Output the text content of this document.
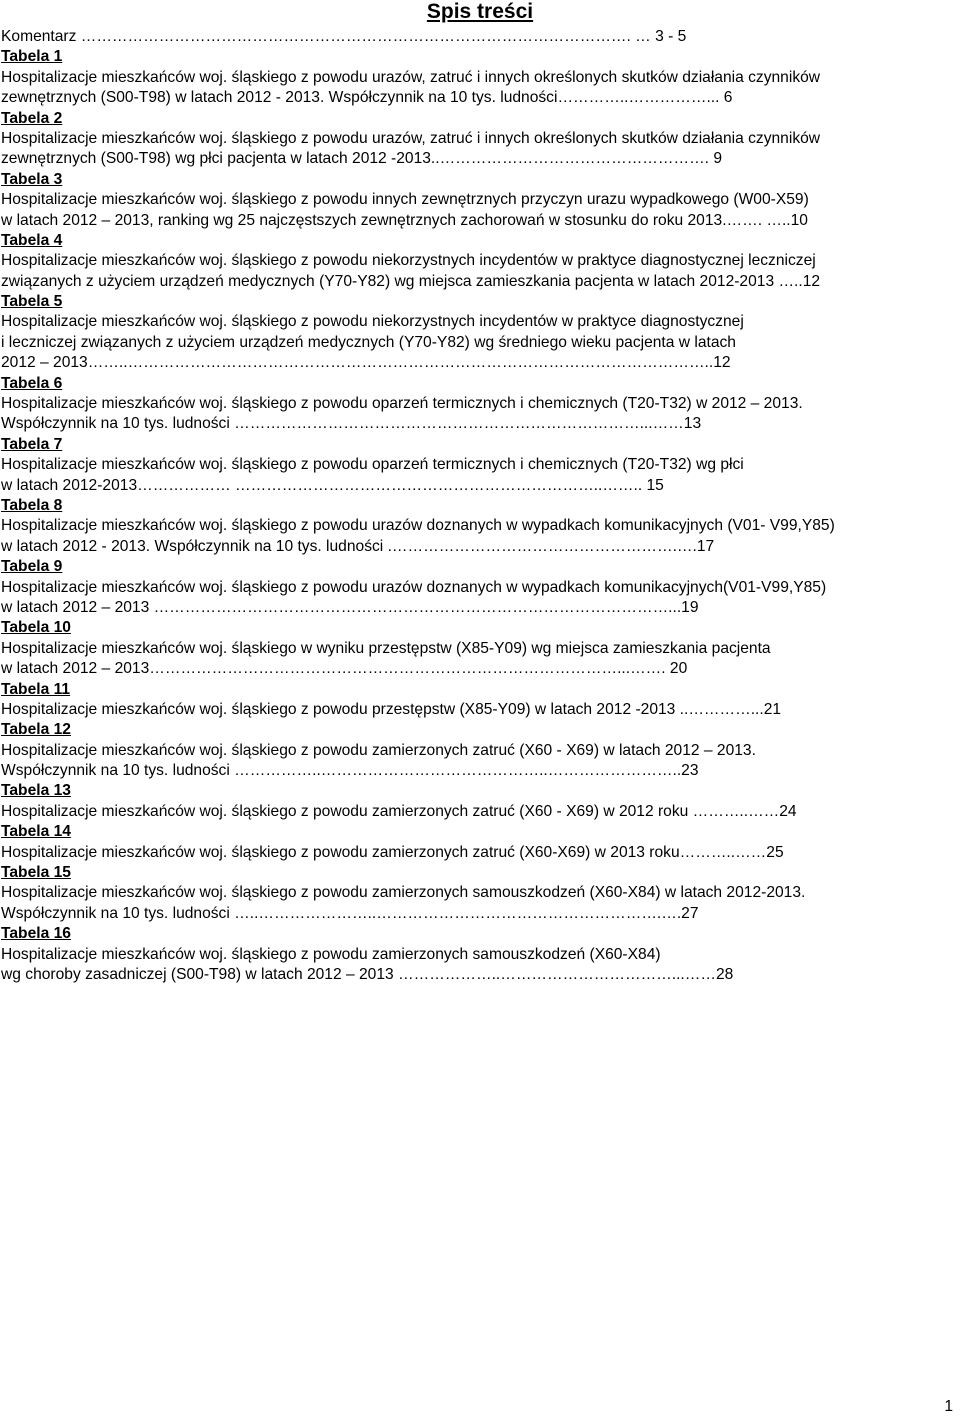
Spis treści
Komentarz ……………………………………………………………………………………………. … 3 - 5
Tabela 1
Hospitalizacje mieszkańców woj. śląskiego z powodu urazów, zatruć i innych określonych skutków działania czynników
zewnętrznych (S00-T98) w latach 2012 - 2013. Współczynnik na 10 tys. ludności…………..……………... 6
Tabela 2
Hospitalizacje mieszkańców woj. śląskiego z powodu urazów, zatruć i innych określonych skutków działania czynników
zewnętrznych (S00-T98) wg płci pacjenta w latach 2012 -2013..……………………………………………. 9
Tabela 3
Hospitalizacje mieszkańców woj. śląskiego z powodu innych zewnętrznych przyczyn urazu wypadkowego (W00-X59)
w latach 2012 – 2013, ranking wg 25 najczęstszych zewnętrznych zachorowań w stosunku do roku 2013.……. …..10
Tabela 4
Hospitalizacje mieszkańców woj. śląskiego z powodu niekorzystnych incydentów w praktyce diagnostycznej leczniczej
związanych z użyciem urządzeń medycznych (Y70-Y82) wg miejsca zamieszkania pacjenta w latach 2012-2013 …..12
Tabela 5
Hospitalizacje mieszkańców woj. śląskiego z powodu niekorzystnych incydentów w praktyce diagnostycznej
i leczniczej związanych z użyciem urządzeń medycznych (Y70-Y82) wg średniego wieku pacjenta w latach
2012 – 2013……..…………………………………………………………………………………………………..12
Tabela 6
Hospitalizacje mieszkańców woj. śląskiego z powodu oparzeń termicznych i chemicznych (T20-T32) w 2012 – 2013.
Współczynnik na 10 tys. ludności ……………………………………………………………………...……13
Tabela 7
Hospitalizacje mieszkańców woj. śląskiego z powodu oparzeń termicznych i chemicznych (T20-T32) wg płci
w latach 2012-2013……………… ……………………………………………………………..…….. 15
Tabela 8
Hospitalizacje mieszkańców woj. śląskiego z powodu urazów doznanych w wypadkach komunikacyjnych (V01- V99,Y85)
w latach 2012 - 2013. Współczynnik na 10 tys. ludności .……………………………………………….….17
Tabela 9
Hospitalizacje mieszkańców woj. śląskiego z powodu urazów doznanych w wypadkach komunikacyjnych(V01-V99,Y85)
w latach 2012 – 2013 ………………………………………………………………………………………...19
Tabela 10
Hospitalizacje mieszkańców woj. śląskiego w wyniku przestępstw (X85-Y09) wg miejsca zamieszkania pacjenta
w latach 2012 – 2013………………………………………………………………………………...……. 20
Tabela 11
Hospitalizacje mieszkańców woj. śląskiego z powodu przestępstw (X85-Y09) w latach 2012 -2013 ..…………...21
Tabela 12
Hospitalizacje mieszkańców woj. śląskiego z powodu zamierzonych zatruć (X60 - X69) w latach 2012 – 2013.
Współczynnik na 10 tys. ludności ……………..……………………………………..……………………..23
Tabela 13
Hospitalizacje mieszkańców woj. śląskiego z powodu zamierzonych zatruć (X60 - X69) w 2012 roku ………..……24
Tabela 14
Hospitalizacje mieszkańców woj. śląskiego z powodu zamierzonych zatruć (X60-X69) w 2013 roku………..……25
Tabela 15
Hospitalizacje mieszkańców woj. śląskiego z powodu zamierzonych samouszkodzeń (X60-X84) w latach 2012-2013.
Współczynnik na 10 tys. ludności …..…………………..……………………………………………….….27
Tabela 16
Hospitalizacje mieszkańców woj. śląskiego z powodu zamierzonych samouszkodzeń (X60-X84)
wg choroby zasadniczej (S00-T98) w latach 2012 – 2013 ………………..……………………………...……28
1
